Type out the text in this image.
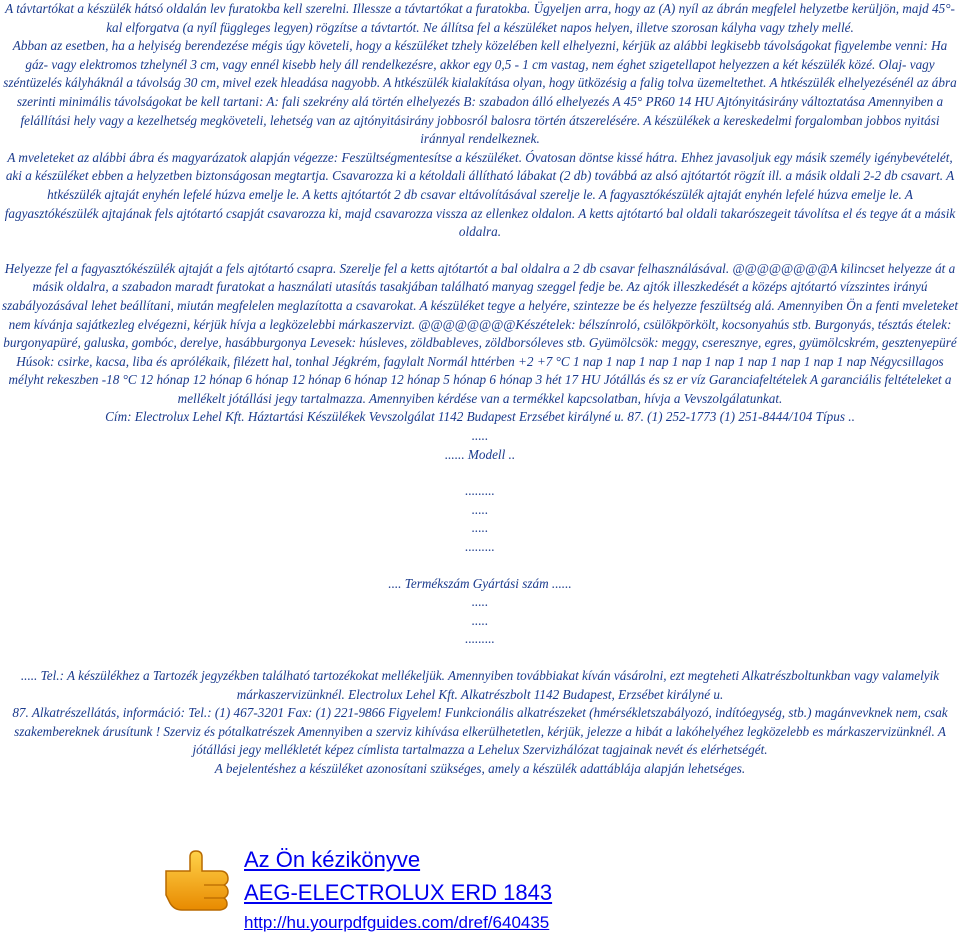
A távtartókat a készülék hátsó oldalán lev furatokba kell szerelni. Illessze a távtartókat a furatokba. Ügyeljen arra, hogy az (A) nyíl az ábrán megfelel helyzetbe kerüljön, majd 45°-kal elforgatva (a nyíl függleges legyen) rögzítse a távtartót. Ne állítsa fel a készüléket napos helyen, illetve szorosan kályha vagy tzhely mellé.
Abban az esetben, ha a helyiség berendezése mégis úgy követeli, hogy a készüléket tzhely közelében kell elhelyezni, kérjük az alábbi legkisebb távolságokat figyelembe venni: Ha gáz- vagy elektromos tzhelynél 3 cm, vagy ennél kisebb hely áll rendelkezésre, akkor egy 0,5 - 1 cm vastag, nem éghet szigetellapot helyezzen a két készülék közé. Olaj- vagy széntüzelés kályháknál a távolság 30 cm, mivel ezek hleadása nagyobb. A htkészülék kialakítása olyan, hogy ütközésig a falig tolva üzemeltethet. A htkészülék elhelyezésénél az ábra szerinti minimális távolságokat be kell tartani: A: fali szekrény alá történ elhelyezés B: szabadon álló elhelyezés A 45° PR60 14 HU Ajtónyitásirány változtatása Amennyiben a felállítási hely vagy a kezelhetség megköveteli, lehetség van az ajtónyitásirány jobbosról balosra történ átszerelésére. A készülékek a kereskedelmi forgalomban jobbos nyitási iránnyal rendelkeznek.
A mveleteket az alábbi ábra és magyarázatok alapján végezze: Feszültségmentesítse a készüléket. Óvatosan döntse kissé hátra. Ehhez javasoljuk egy másik személy igénybevételét, aki a készüléket ebben a helyzetben biztonságosan megtartja. Csavarozza ki a kétoldali állítható lábakat (2 db) továbbá az alsó ajtótartót rögzít ill. a másik oldali 2-2 db csavart. A htkészülék ajtaját enyhén lefelé húzva emelje le. A ketts ajtótartót 2 db csavar eltávolításával szerelje le. A fagyasztókészülék ajtaját enyhén lefelé húzva emelje le. A fagyasztókészülék ajtajának fels ajtótartó csapját csavarozza ki, majd csavarozza vissza az ellenkez oldalon. A ketts ajtótartó bal oldali takarószegeit távolítsa el és tegye át a másik oldalra.
Helyezze fel a fagyasztókészülék ajtaját a fels ajtótartó csapra. Szerelje fel a ketts ajtótartót a bal oldalra a 2 db csavar felhasználásával. @@@@@@@@A kilincset helyezze át a másik oldalra, a szabadon maradt furatokat a használati utasítás tasakjában található manyag szeggel fedje be. Az ajtók illeszkedését a középs ajtótartó vízszintes irányú szabályozásával lehet beállítani, miután megfelelen meglazította a csavarokat. A készüléket tegye a helyére, szintezze be és helyezze feszültség alá. Amennyiben Ön a fenti mveleteket nem kívánja sajátkezleg elvégezni, kérjük hívja a legközelebbi márkaszervizt. @@@@@@@@Készételek: bélszínroló, csülökpörkölt, kocsonyahús stb. Burgonyás, tésztás ételek: burgonyapüré, galuska, gombóc, derelye, hasábburgonya Levesek: húsleves, zöldbableves, zöldborsóleves stb. Gyümölcsök: meggy, cseresznye, egres, gyümölcskrém, gesztenyepüré Húsok: csirke, kacsa, liba és aprólékaik, filézett hal, tonhal Jégkrém, fagylalt Normál httérben +2 +7 °C 1 nap 1 nap 1 nap 1 nap 1 nap 1 nap 1 nap 1 nap 1 nap Négycsillagos mélyht rekeszben -18 °C 12 hónap 12 hónap 6 hónap 12 hónap 6 hónap 12 hónap 5 hónap 6 hónap 3 hét 17 HU Jótállás és sz er víz Garanciafeltételek A garanciális feltételeket a mellékelt jótállási jegy tartalmazza. Amennyiben kérdése van a termékkel kapcsolatban, hívja a Vevszolgálatunkat.
Cím: Electrolux Lehel Kft. Háztartási Készülékek Vevszolgálat 1142 Budapest Erzsébet királyné u. 87. (1) 252-1773 (1) 251-8444/104 Típus ..
.....
...... Modell ..
.........
.....
.....
.........
.... Termékszám Gyártási szám ......
.....
.....
.........
..... Tel.: A készülékhez a Tartozék jegyzékben található tartozékokat mellékeljük. Amennyiben továbbiakat kíván vásárolni, ezt megteheti Alkatrészboltunkban vagy valamelyik márkaszervizünknél. Electrolux Lehel Kft. Alkatrészbolt 1142 Budapest, Erzsébet királyné u.
87. Alkatrészellátás, információ: Tel.: (1) 467-3201 Fax: (1) 221-9866 Figyelem! Funkcionális alkatrészeket (hmérsékletszabályozó, indítóegység, stb.) magánvevknek nem, csak szakembereknek árusítunk ! Szerviz és pótalkatrészek Amennyiben a szerviz kihívása elkerülhetetlen, kérjük, jelezze a hibát a lakóhelyéhez legközelebb es márkaszervizünknél. A jótállási jegy mellékletét képez címlista tartalmazza a Lehelux Szervizhálózat tagjainak nevét és elérhetségét.
A bejelentéshez a készüléket azonosítani szükséges, amely a készülék adattáblája alapján lehetséges.
Az Ön kézikönyve
AEG-ELECTROLUX ERD 1843
http://hu.yourpdfguides.com/dref/640435
